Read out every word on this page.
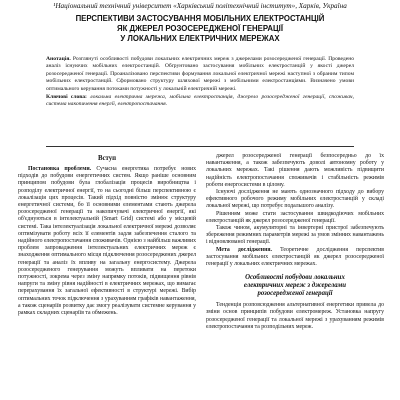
¹Національний технічний університет «Харківський політехнічний інститут», Харків, Україна
ПЕРСПЕКТИВИ ЗАСТОСУВАННЯ МОБІЛЬНИХ ЕЛЕКТРОСТАНЦІЙ
ЯК ДЖЕРЕЛ РОЗОСЕРЕДЖЕНОЇ ГЕНЕРАЦІЇ
У ЛОКАЛЬНИХ ЕЛЕКТРИЧНИХ МЕРЕЖАХ
Анотація. Розглянуті особливості побудови локальних електричних мереж з джерелами розосередженої генерації. Проведено аналіз існуючих мобільних електростанцій. Обґрунтовано застосування мобільних електростанцій у якості джерел розосередженої генерації. Проаналізовано перспективи формування локальної електричної мережі наступної з обраним типом мобільних електростанцій. Сформовано структуру шляхової мережі з мобільними електростанціями. Визначено умови оптимального керування потоками потужності у локальній електричній мережі.
Ключові слова: локальна електрична мережа, мобільна електростанція, джерело розосередженої генерації, споживач, система накопичення енергії, електропостачання.
Вступ

Постановка проблеми. Сучасна енергетика потребує нових підходів до побудови енергетичних систем. Якщо раніше основним принципом побудови була глобалізація процесів виробництва і розподілу електричної енергії, то на сьогодні більш перспективною є локалізація цих процесів. Такий підхід повністю змінює структуру енергетичної системи, бо її основними елементами стають джерела розосередженої генерації та накопичувачі електричної енергії, які об'єднуються в інтелектуальній (Smart Grid) системі або у місцевій системі. Така інтелектуалізація локальної електричної мережі дозволяє оптимізувати роботу всіх її елементів задля забезпечення сталого та надійного електропостачання споживачів. Однією з найбільш важливих проблем запровадження інтелектуальних електричних мереж є знаходження оптимального місця підключення розосереджених джерел генерації та аналіз їх впливу на загальну енергосистему. Джерела розосередженого генерування можуть впливати на перетоки потужності, зокрема через зміну напрямку потоків, підвищення рівнів напруги та зміну рівня надійності в електричних мережах, що вимагає перерахування їх загальної ефективності в структурі мережі. Вибір оптимальних точок підключення з урахуванням графіків навантаження, а також сценаріїв розвитку дає змогу реалізувати системне керування у рамках складних сценаріїв та обмежень.

джерел розосередженої генерації безпосередньо до їх навантаження, а також забезпечують доволі автономну роботу у локальних мережах. Такі рішення дають можливість підвищити надійність електропостачання споживачів і стабільність режимів роботи енергосистеми в цілому.

Існуючі дослідження не мають однозначного підходу до вибору ефективного робочого режиму мобільних електростанцій у складі локальної мережі, що потребує подальшого аналізу.

Рішенням може стати застосування швидкодіючих мобільних електростанцій як джерел розосередженої генерації.

Також чином, акумуляторні та інвертерні пристрої забезпечують збереження режимних параметрів мережі за умов змінних навантажень і відновлюваної генерації.

Мета дослідження. Теоретичне дослідження перспектив застосування мобільних електростанцій як джерел розосередженої генерації у локальних електричних мережах.

Особливості побудови локальних
електричних мереж з джерелами
розосередженої генерації

Тенденція розповсюдження альтернативної енергетики привела до зміни основ принципів побудови електромереж. Установка напругу розосередженої генерації та локальної мережі з урахуванням режимів електропостачання та розподільних мереж.
